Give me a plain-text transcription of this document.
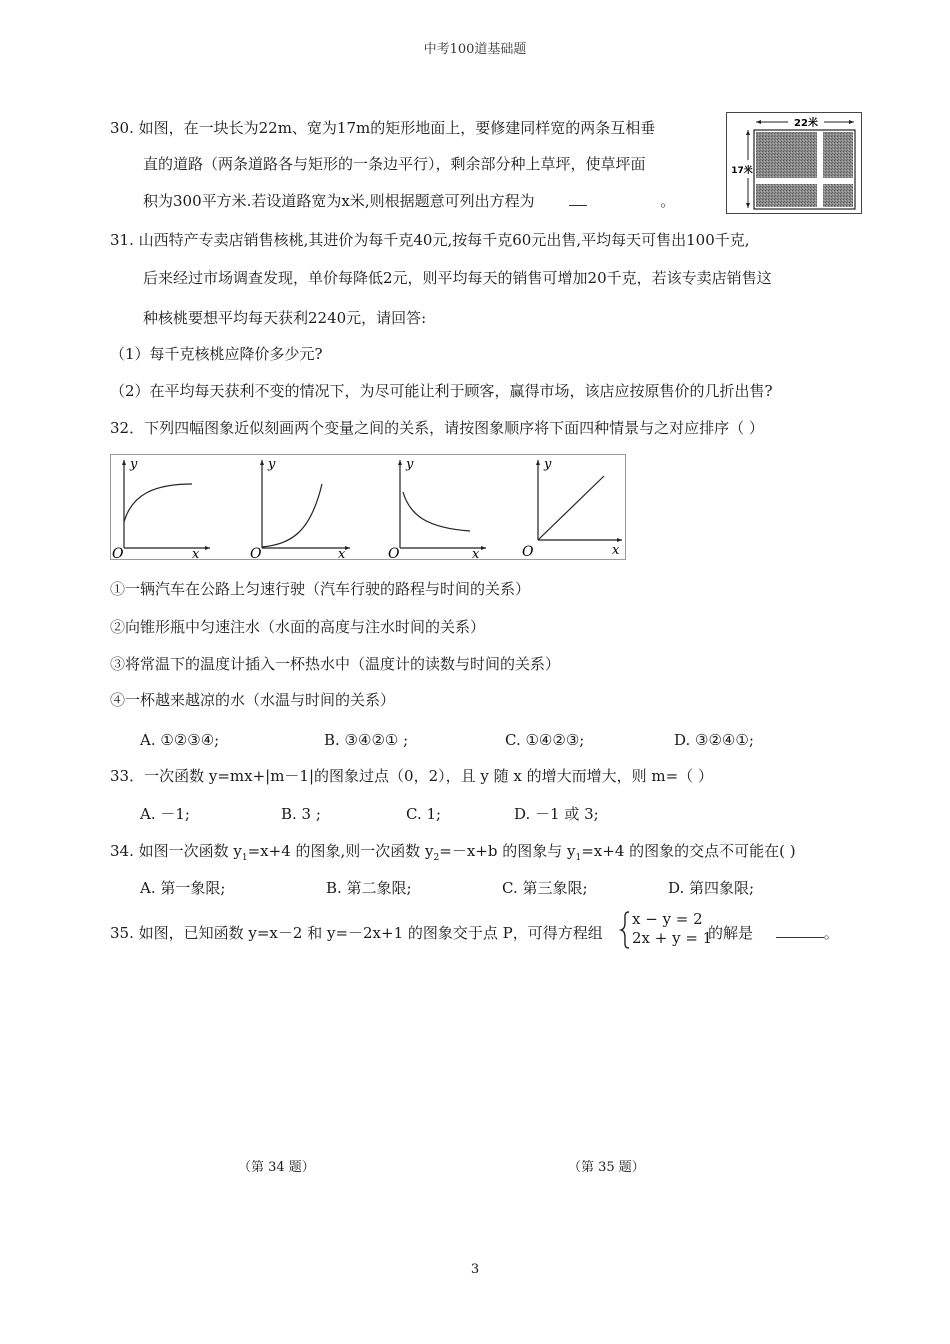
中考100道基础题
30. 如图，在一块长为22m、宽为17m的矩形地面上，要修建同样宽的两条互相垂
直的道路（两条道路各与矩形的一条边平行），剩余部分种上草坪，使草坪面
积为300平方米.若设道路宽为x米,则根据题意可列出方程为	。
22米
17米
31. 山西特产专卖店销售核桃,其进价为每千克40元,按每千克60元出售,平均每天可售出100千克,
后来经过市场调查发现，单价每降低2元，则平均每天的销售可增加20千克，若该专卖店销售这
种核桃要想平均每天获利2240元，请回答:
（1）每千克核桃应降价多少元?
（2）在平均每天获利不变的情况下，为尽可能让利于顾客，赢得市场，该店应按原售价的几折出售?
32．下列四幅图象近似刻画两个变量之间的关系，请按图象顺序将下面四种情景与之对应排序（ ）
y
x
O
y
x
O
y
x
O
y
x
O
①一辆汽车在公路上匀速行驶（汽车行驶的路程与时间的关系）
②向锥形瓶中匀速注水（水面的高度与注水时间的关系）
③将常温下的温度计插入一杯热水中（温度计的读数与时间的关系）
④一杯越来越凉的水（水温与时间的关系）
A. ①②③④;	B. ③④②① ;	C. ①④②③;	D. ③②④①;
33．一次函数 y=mx+|m－1|的图象过点（0，2），且 y 随 x 的增大而增大，则 m=（ ）
A. －1;	B. 3 ;	C. 1;	D. －1 或 3;
34. 如图一次函数 $y_1=x+4$ 的图象,则一次函数 $y_2=-x+b$ 的图象与 $y_1=x+4$ 的图象的交点不可能在( )
A. 第一象限;	B. 第二象限;	C. 第三象限;	D. 第四象限;
35. 如图，已知函数 y=x－2 和 y=－2x+1 的图象交于点 P，可得方程组
x − y = 2
2x + y = 1
的解是	。
（第 34 题）	（第 35 题）
3
